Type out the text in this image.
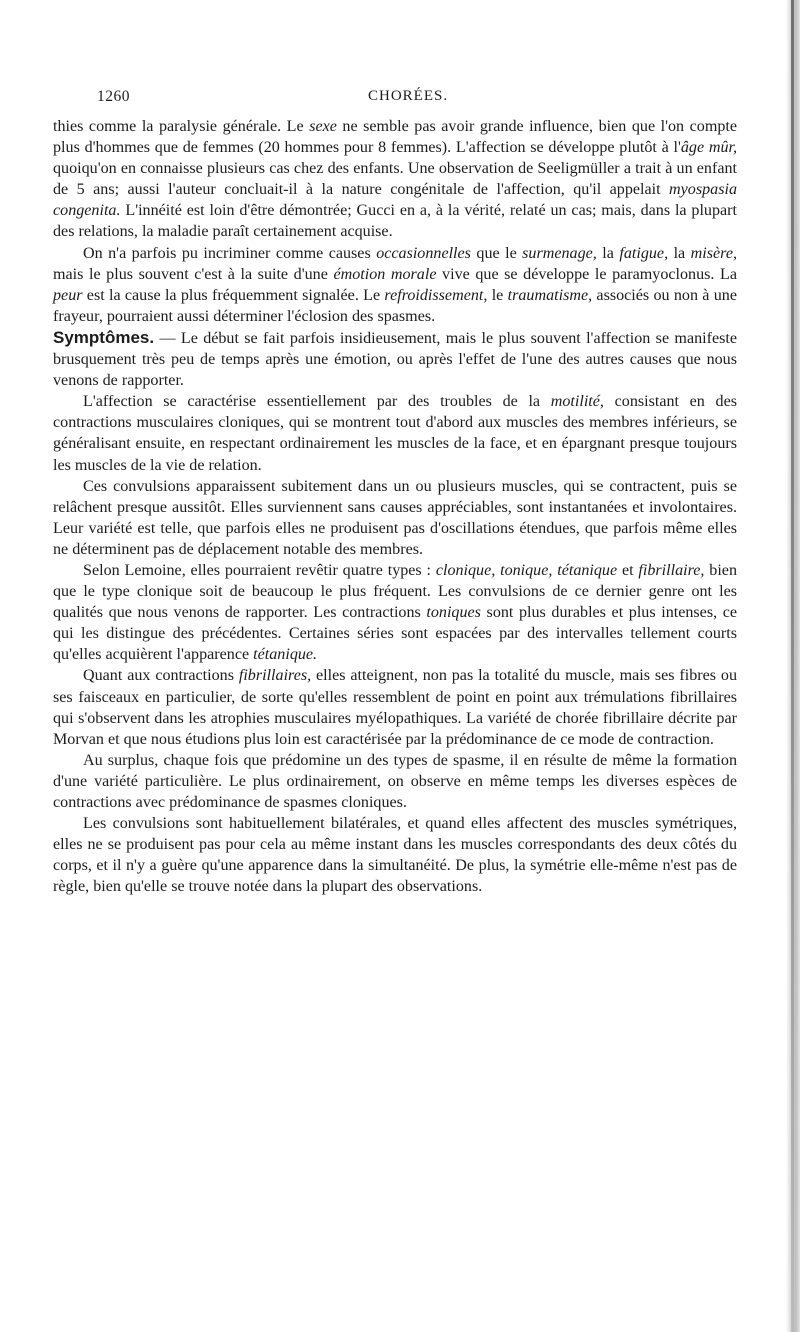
1260	CHORÉES.

thies comme la paralysie générale. Le sexe ne semble pas avoir grande influence, bien que l'on compte plus d'hommes que de femmes (20 hommes pour 8 femmes). L'affection se développe plutôt à l'âge mûr, quoiqu'on en connaisse plusieurs cas chez des enfants. Une observation de Seeligmüller a trait à un enfant de 5 ans; aussi l'auteur concluait-il à la nature congénitale de l'affection, qu'il appelait myospasia congenita. L'innéité est loin d'être démontrée; Gucci en a, à la vérité, relaté un cas; mais, dans la plupart des relations, la maladie paraît certainement acquise.

On n'a parfois pu incriminer comme causes occasionnelles que le surmenage, la fatigue, la misère, mais le plus souvent c'est à la suite d'une émotion morale vive que se développe le paramyoclonus. La peur est la cause la plus fréquemment signalée. Le refroidissement, le traumatisme, associés ou non à une frayeur, pourraient aussi déterminer l'éclosion des spasmes.

Symptômes. — Le début se fait parfois insidieusement, mais le plus souvent l'affection se manifeste brusquement très peu de temps après une émotion, ou après l'effet de l'une des autres causes que nous venons de rapporter.

L'affection se caractérise essentiellement par des troubles de la motilité, consistant en des contractions musculaires cloniques, qui se montrent tout d'abord aux muscles des membres inférieurs, se généralisant ensuite, en respectant ordinairement les muscles de la face, et en épargnant presque toujours les muscles de la vie de relation.

Ces convulsions apparaissent subitement dans un ou plusieurs muscles, qui se contractent, puis se relâchent presque aussitôt. Elles surviennent sans causes appréciables, sont instantanées et involontaires. Leur variété est telle, que parfois elles ne produisent pas d'oscillations étendues, que parfois même elles ne déterminent pas de déplacement notable des membres.

Selon Lemoine, elles pourraient revêtir quatre types : clonique, tonique, tétanique et fibrillaire, bien que le type clonique soit de beaucoup le plus fréquent. Les convulsions de ce dernier genre ont les qualités que nous venons de rapporter. Les contractions toniques sont plus durables et plus intenses, ce qui les distingue des précédentes. Certaines séries sont espacées par des intervalles tellement courts qu'elles acquièrent l'apparence tétanique.

Quant aux contractions fibrillaires, elles atteignent, non pas la totalité du muscle, mais ses fibres ou ses faisceaux en particulier, de sorte qu'elles ressemblent de point en point aux trémulations fibrillaires qui s'observent dans les atrophies musculaires myélopathiques. La variété de chorée fibrillaire décrite par Morvan et que nous étudions plus loin est caractérisée par la prédominance de ce mode de contraction.

Au surplus, chaque fois que prédomine un des types de spasme, il en résulte de même la formation d'une variété particulière. Le plus ordinairement, on observe en même temps les diverses espèces de contractions avec prédominance de spasmes cloniques.

Les convulsions sont habituellement bilatérales, et quand elles affectent des muscles symétriques, elles ne se produisent pas pour cela au même instant dans les muscles correspondants des deux côtés du corps, et il n'y a guère qu'une apparence dans la simultanéité. De plus, la symétrie elle-même n'est pas de règle, bien qu'elle se trouve notée dans la plupart des observations.
